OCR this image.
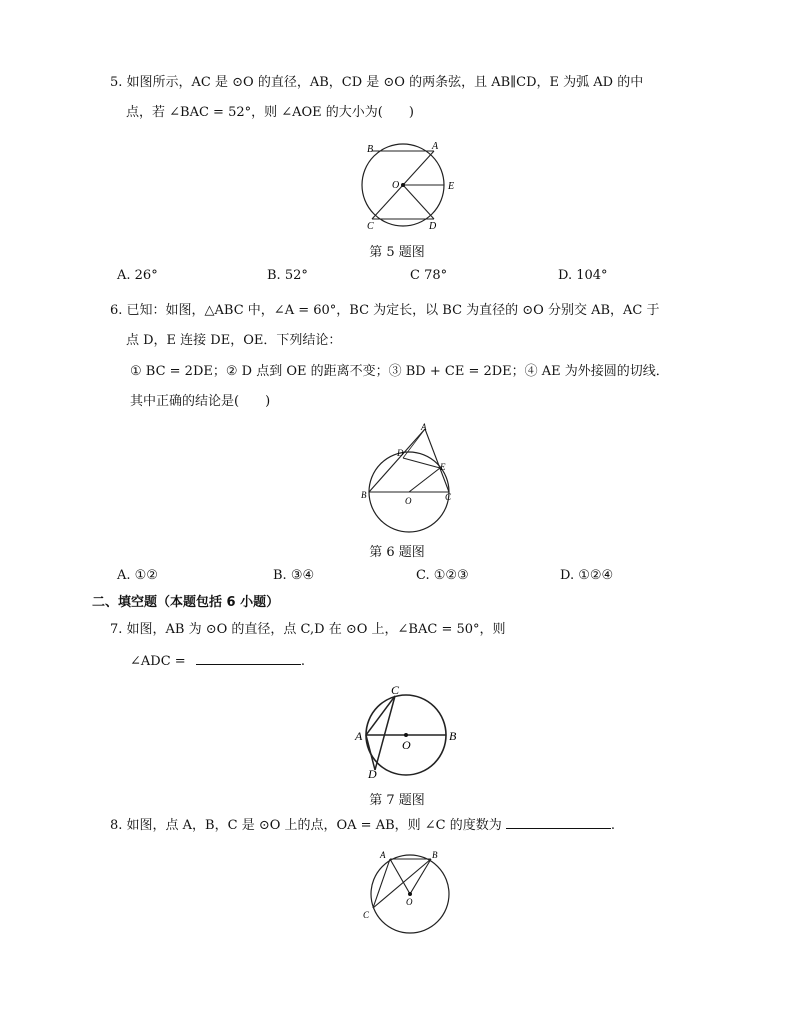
5. 如图所示，AC 是 ⊙O 的直径，AB，CD 是 ⊙O 的两条弦，且 AB∥CD，E 为弧 AD 的中
点，若 ∠BAC = 52°，则 ∠AOE 的大小为(　　)
B	A
O	E
C	D
第 5 题图
A. 26°	B. 52°	C 78°	D. 104°
6. 已知：如图，△ABC 中，∠A = 60°，BC 为定长，以 BC 为直径的 ⊙O 分别交 AB，AC 于
点 D，E 连接 DE，OE．下列结论：
① BC = 2DE；② D 点到 OE 的距离不变；③ BD + CE = 2DE；④ AE 为外接圆的切线．
其中正确的结论是(　　)
A
D
E
B
O	C
第 6 题图
A. ①②	B. ③④	C. ①②③	D. ①②④
二、填空题（本题包括 6 小题）
7. 如图，AB 为 ⊙O 的直径，点 C,D 在 ⊙O 上，∠BAC = 50°，则
∠ADC =	.
C
A
O
B
D
第 7 题图
8. 如图，点 A，B，C 是 ⊙O 上的点，OA = AB，则 ∠C 的度数为	.
A	B
O
C
